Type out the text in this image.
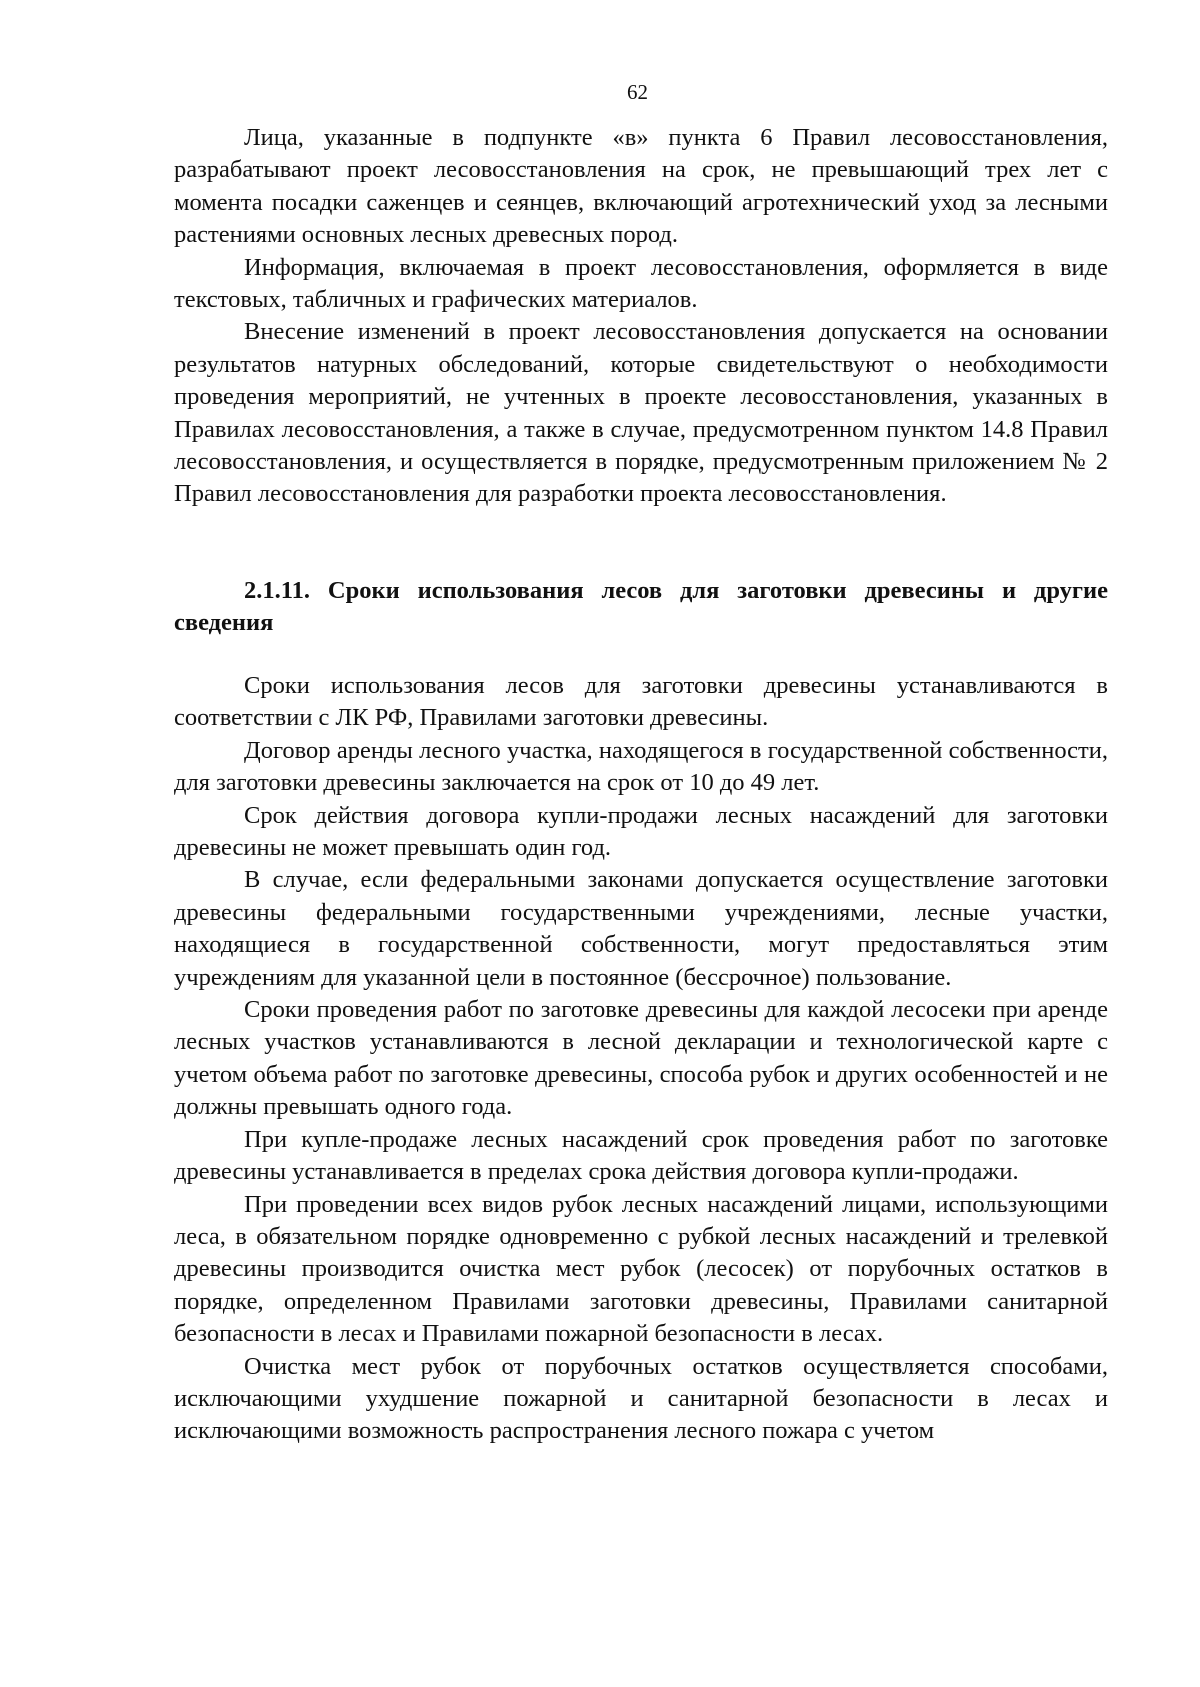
62

Лица, указанные в подпункте «в» пункта 6 Правил лесовосстановления, разрабатывают проект лесовосстановления на срок, не превышающий трех лет с момента посадки саженцев и сеянцев, включающий агротехнический уход за лесными растениями основных лесных древесных пород.

Информация, включаемая в проект лесовосстановления, оформляется в виде текстовых, табличных и графических материалов.

Внесение изменений в проект лесовосстановления допускается на основании результатов натурных обследований, которые свидетельствуют о необходимости проведения мероприятий, не учтенных в проекте лесовосстановления, указанных в Правилах лесовосстановления, а также в случае, предусмотренном пунктом 14.8 Правил лесовосстановления, и осуществляется в порядке, предусмотренным приложением № 2 Правил лесовосстановления для разработки проекта лесовосстановления.

2.1.11. Сроки использования лесов для заготовки древесины и другие сведения

Сроки использования лесов для заготовки древесины устанавливаются в соответствии с ЛК РФ, Правилами заготовки древесины.

Договор аренды лесного участка, находящегося в государственной собственности, для заготовки древесины заключается на срок от 10 до 49 лет.

Срок действия договора купли-продажи лесных насаждений для заготовки древесины не может превышать один год.

В случае, если федеральными законами допускается осуществление заготовки древесины федеральными государственными учреждениями, лесные участки, находящиеся в государственной собственности, могут предоставляться этим учреждениям для указанной цели в постоянное (бессрочное) пользование.

Сроки проведения работ по заготовке древесины для каждой лесосеки при аренде лесных участков устанавливаются в лесной декларации и технологической карте с учетом объема работ по заготовке древесины, способа рубок и других особенностей и не должны превышать одного года.

При купле-продаже лесных насаждений срок проведения работ по заготовке древесины устанавливается в пределах срока действия договора купли-продажи.

При проведении всех видов рубок лесных насаждений лицами, использующими леса, в обязательном порядке одновременно с рубкой лесных насаждений и трелевкой древесины производится очистка мест рубок (лесосек) от порубочных остатков в порядке, определенном Правилами заготовки древесины, Правилами санитарной безопасности в лесах и Правилами пожарной безопасности в лесах.

Очистка мест рубок от порубочных остатков осуществляется способами, исключающими ухудшение пожарной и санитарной безопасности в лесах и исключающими возможность распространения лесного пожара с учетом
